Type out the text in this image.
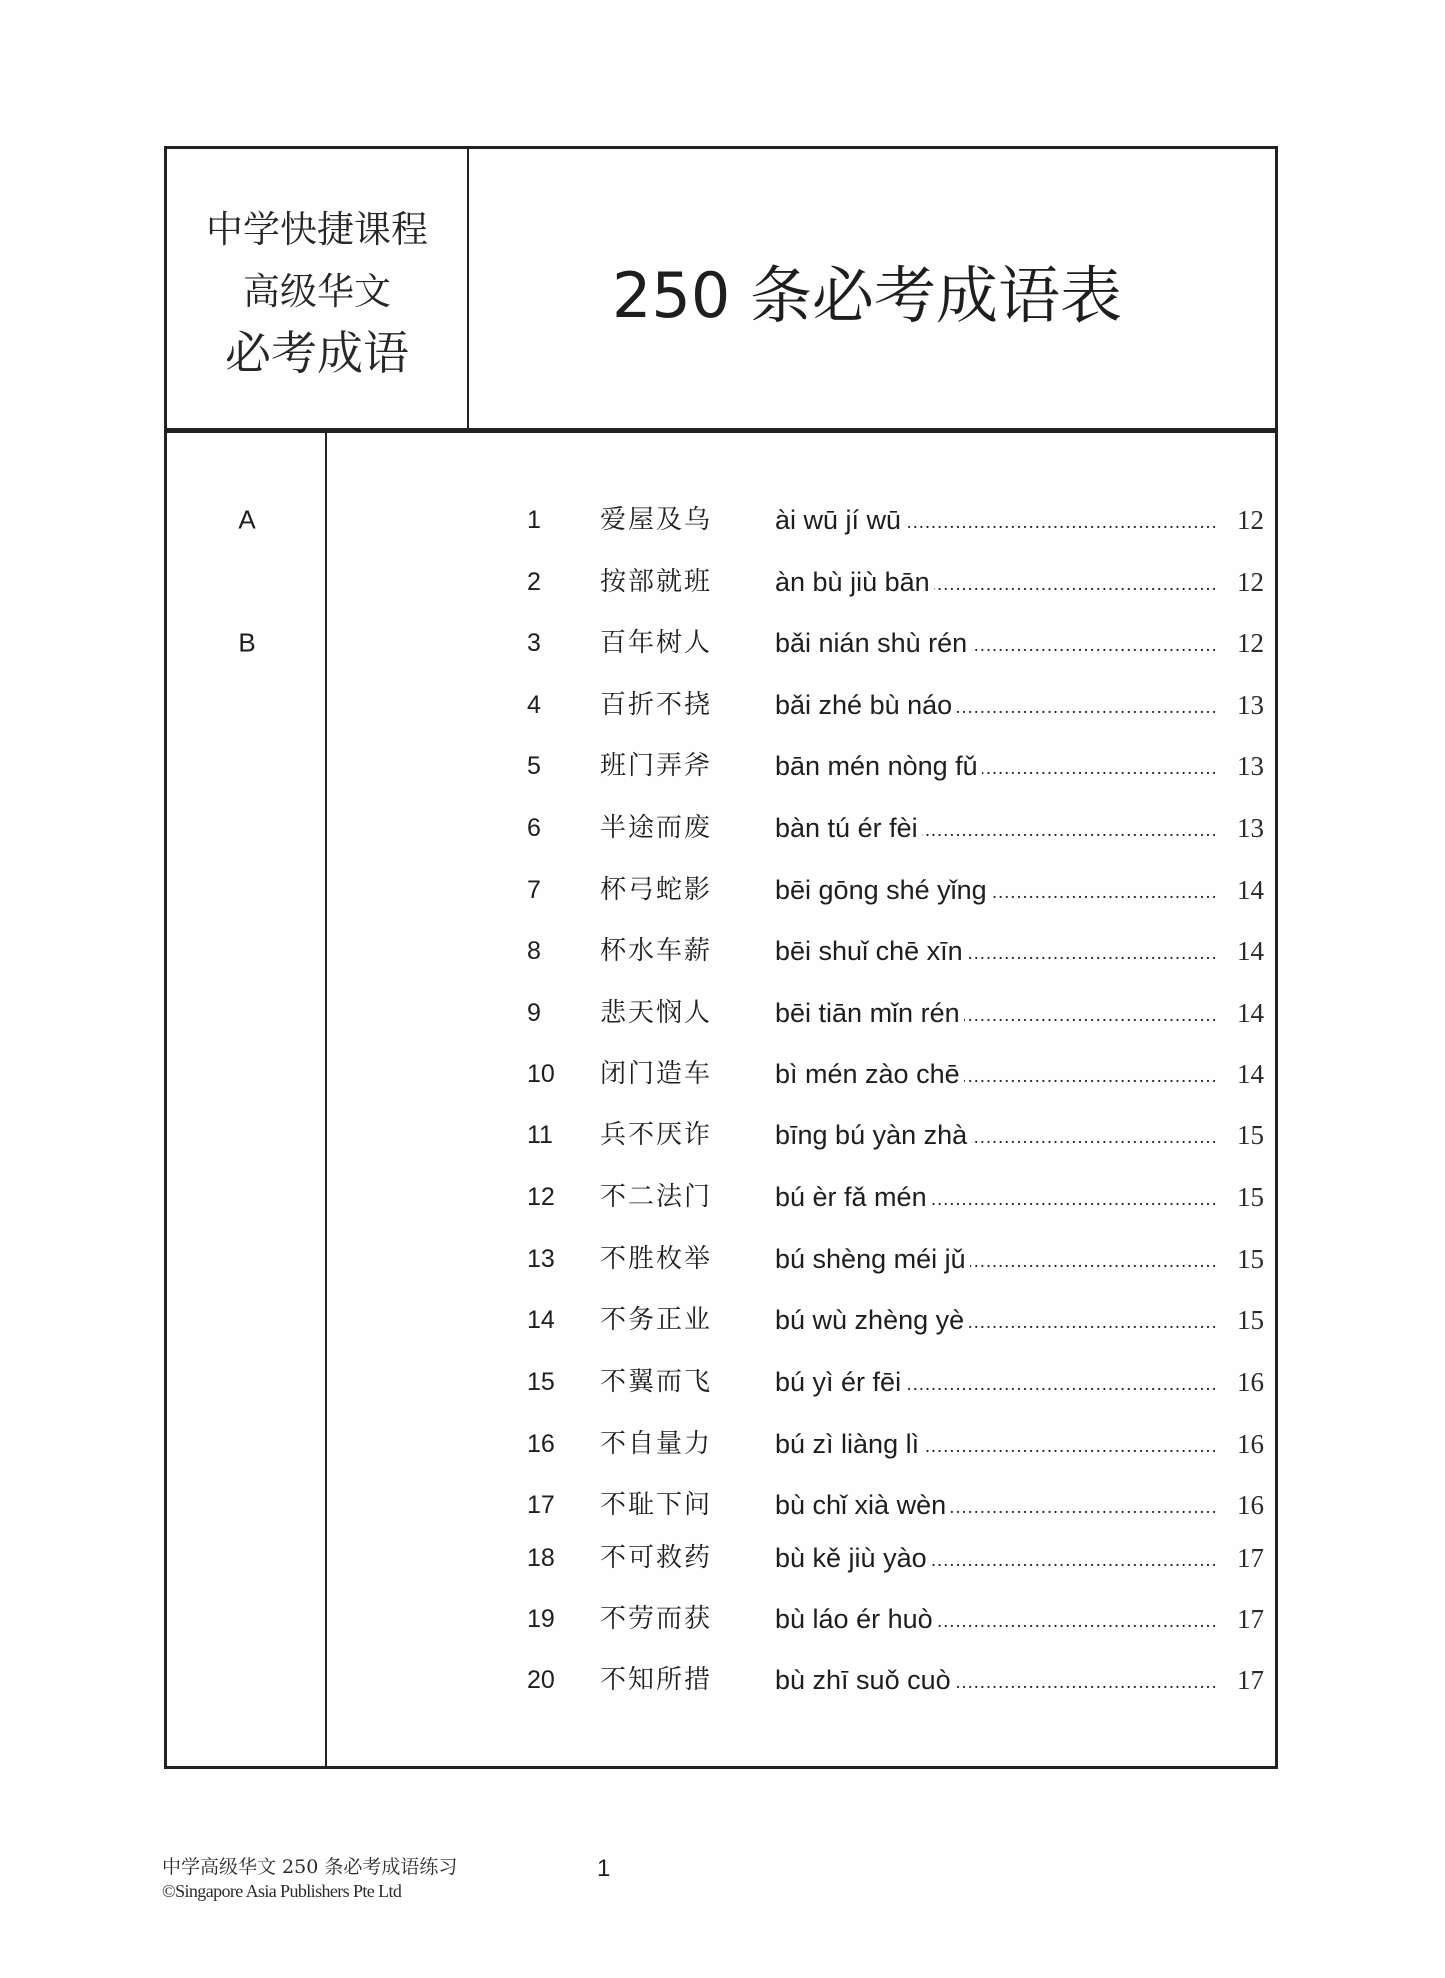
中学快捷课程
高级华文
必考成语
250 条必考成语表
A
B
1 爱屋及乌 ài wū jí wū .....	12
2 按部就班 àn bù jiù bān .....	12
3 百年树人 bǎi nián shù rén .....	12
4 百折不挠 bǎi zhé bù náo .....	13
5 班门弄斧 bān mén nòng fǔ .....	13
6 半途而废 bàn tú ér fèi .....	13
7 杯弓蛇影 bēi gōng shé yǐng .....	14
8 杯水车薪 bēi shuǐ chē xīn .....	14
9 悲天悯人 bēi tiān mǐn rén .....	14
10 闭门造车 bì mén zào chē .....	14
11 兵不厌诈 bīng bú yàn zhà .....	15
12 不二法门 bú èr fǎ mén .....	15
13 不胜枚举 bú shèng méi jǔ .....	15
14 不务正业 bú wù zhèng yè .....	15
15 不翼而飞 bú yì ér fēi .....	16
16 不自量力 bú zì liàng lì .....	16
17 不耻下问 bù chǐ xià wèn .....	16
18 不可救药 bù kě jiù yào .....	17
19 不劳而获 bù láo ér huò .....	17
20 不知所措 bù zhī suǒ cuò .....	17
中学高级华文 250 条必考成语练习
©Singapore Asia Publishers Pte Ltd
1
